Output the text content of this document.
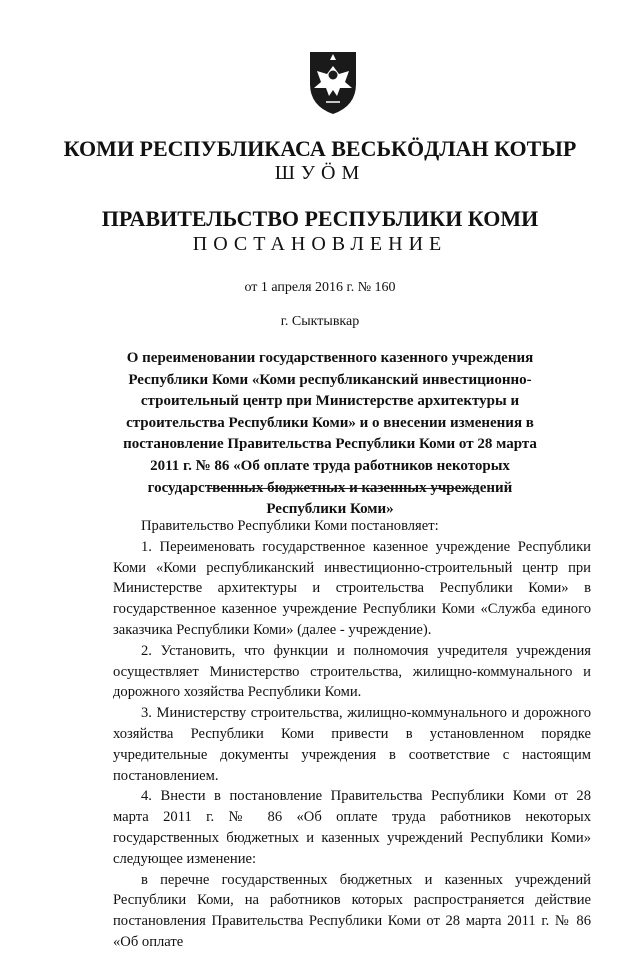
КОМИ РЕСПУБЛИКАСА ВЕСЬКӦДЛАН КОТЫР
ШУӦМ
ПРАВИТЕЛЬСТВО РЕСПУБЛИКИ КОМИ
ПОСТАНОВЛЕНИЕ
от 1 апреля 2016 г. № 160
г. Сыктывкар
О переименовании государственного казенного учреждения Республики Коми «Коми республиканский инвестиционно-строительный центр при Министерстве архитектуры и строительства Республики Коми» и о внесении изменения в постановление Правительства Республики Коми от 28 марта 2011 г. № 86 «Об оплате труда работников некоторых государственных бюджетных и казенных учреждений Республики Коми»

Правительство Республики Коми постановляет:

1. Переименовать государственное казенное учреждение Республики Коми «Коми республиканский инвестиционно-строительный центр при Министерстве архитектуры и строительства Республики Коми» в государственное казенное учреждение Республики Коми «Служба единого заказчика Республики Коми» (далее - учреждение).

2. Установить, что функции и полномочия учредителя учреждения осуществляет Министерство строительства, жилищно-коммунального и дорожного хозяйства Республики Коми.

3. Министерству строительства, жилищно-коммунального и дорожного хозяйства Республики Коми привести в установленном порядке учредительные документы учреждения в соответствие с настоящим постановлением.

4. Внести в постановление Правительства Республики Коми от 28 марта 2011 г. № 86 «Об оплате труда работников некоторых государственных бюджетных и казенных учреждений Республики Коми» следующее изменение:

в перечне государственных бюджетных и казенных учреждений Республики Коми, на работников которых распространяется действие постановления Правительства Республики Коми от 28 марта 2011 г. № 86 «Об оплате
